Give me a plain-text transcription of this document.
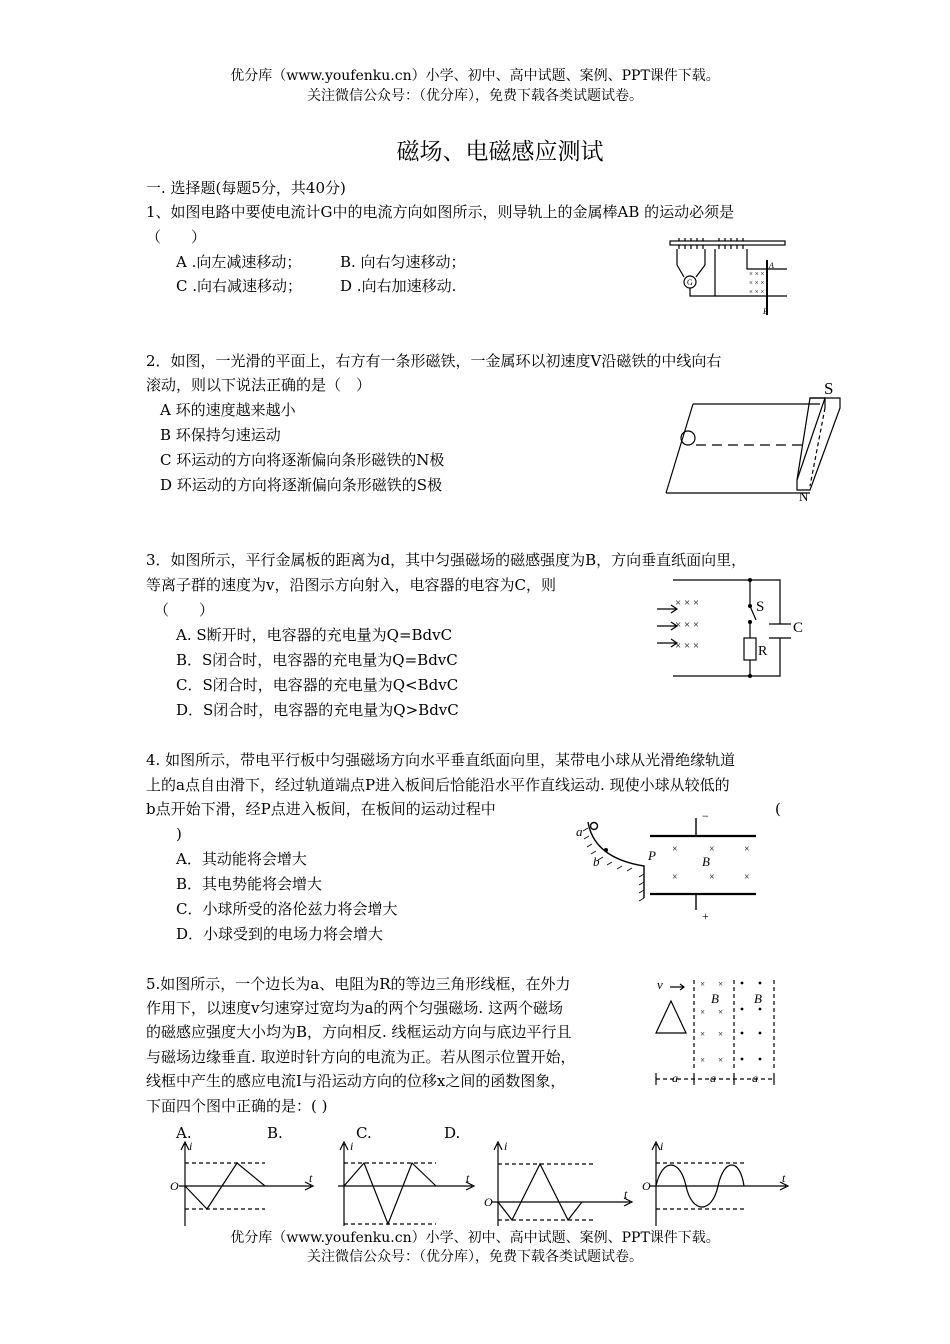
优分库（www.youfenku.cn）小学、初中、高中试题、案例、PPT课件下载。
关注微信公众号：（优分库），免费下载各类试题试卷。
磁场、电磁感应测试
一. 选择题(每题5分，共40分)
1、如图电路中要使电流计G中的电流方向如图所示，则导轨上的金属棒AB 的运动必须是
（　　）
A .向左减速移动；	B. 向右匀速移动；
C .向右减速移动；	D .向右加速移动.
× × ×
× × ×
× × ×
G
A
B
2．如图，一光滑的平面上，右方有一条形磁铁，一金属环以初速度V沿磁铁的中线向右
滚动，则以下说法正确的是（　）
A 环的速度越来越小
B 环保持匀速运动
C 环运动的方向将逐渐偏向条形磁铁的N极
D 环运动的方向将逐渐偏向条形磁铁的S极
S
N
3．如图所示，平行金属板的距离为d，其中匀强磁场的磁感强度为B，方向垂直纸面向里，
等离子群的速度为v，沿图示方向射入，电容器的电容为C，则
（　　）
A. S断开时，电容器的充电量为Q=BdvC
B．S闭合时，电容器的充电量为Q=BdvC
C．S闭合时，电容器的充电量为Q<BdvC
D．S闭合时，电容器的充电量为Q>BdvC
× × ×
× × ×
× × ×
S
C
R
4. 如图所示，带电平行板中匀强磁场方向水平垂直纸面向里，某带电小球从光滑绝缘轨道
上的a点自由滑下，经过轨道端点P进入板间后恰能沿水平作直线运动. 现使小球从较低的
b点开始下滑，经P点进入板间，在板间的运动过程中	(
)
A．其动能将会增大
B．其电势能将会增大
C．小球所受的洛伦兹力将会增大
D．小球受到的电场力将会增大
a
b	P	B
−
+
×	×	×
×	×	×
5.如图所示，一个边长为a、电阻为R的等边三角形线框，在外力
作用下，以速度v匀速穿过宽均为a的两个匀强磁场. 这两个磁场
的磁感应强度大小均为B，方向相反. 线框运动方向与底边平行且
与磁场边缘垂直. 取逆时针方向的电流为正。若从图示位置开始，
线框中产生的感应电流I与沿运动方向的位移x之间的函数图象，
下面四个图中正确的是：( )
× ×
× ×
× ×
× ×
v
B	B
a	a	a
A.	B.	C.	D.
i
t
O
i
t
i
t
O
i
t
O
优分库（www.youfenku.cn）小学、初中、高中试题、案例、PPT课件下载。
关注微信公众号：（优分库），免费下载各类试题试卷。
